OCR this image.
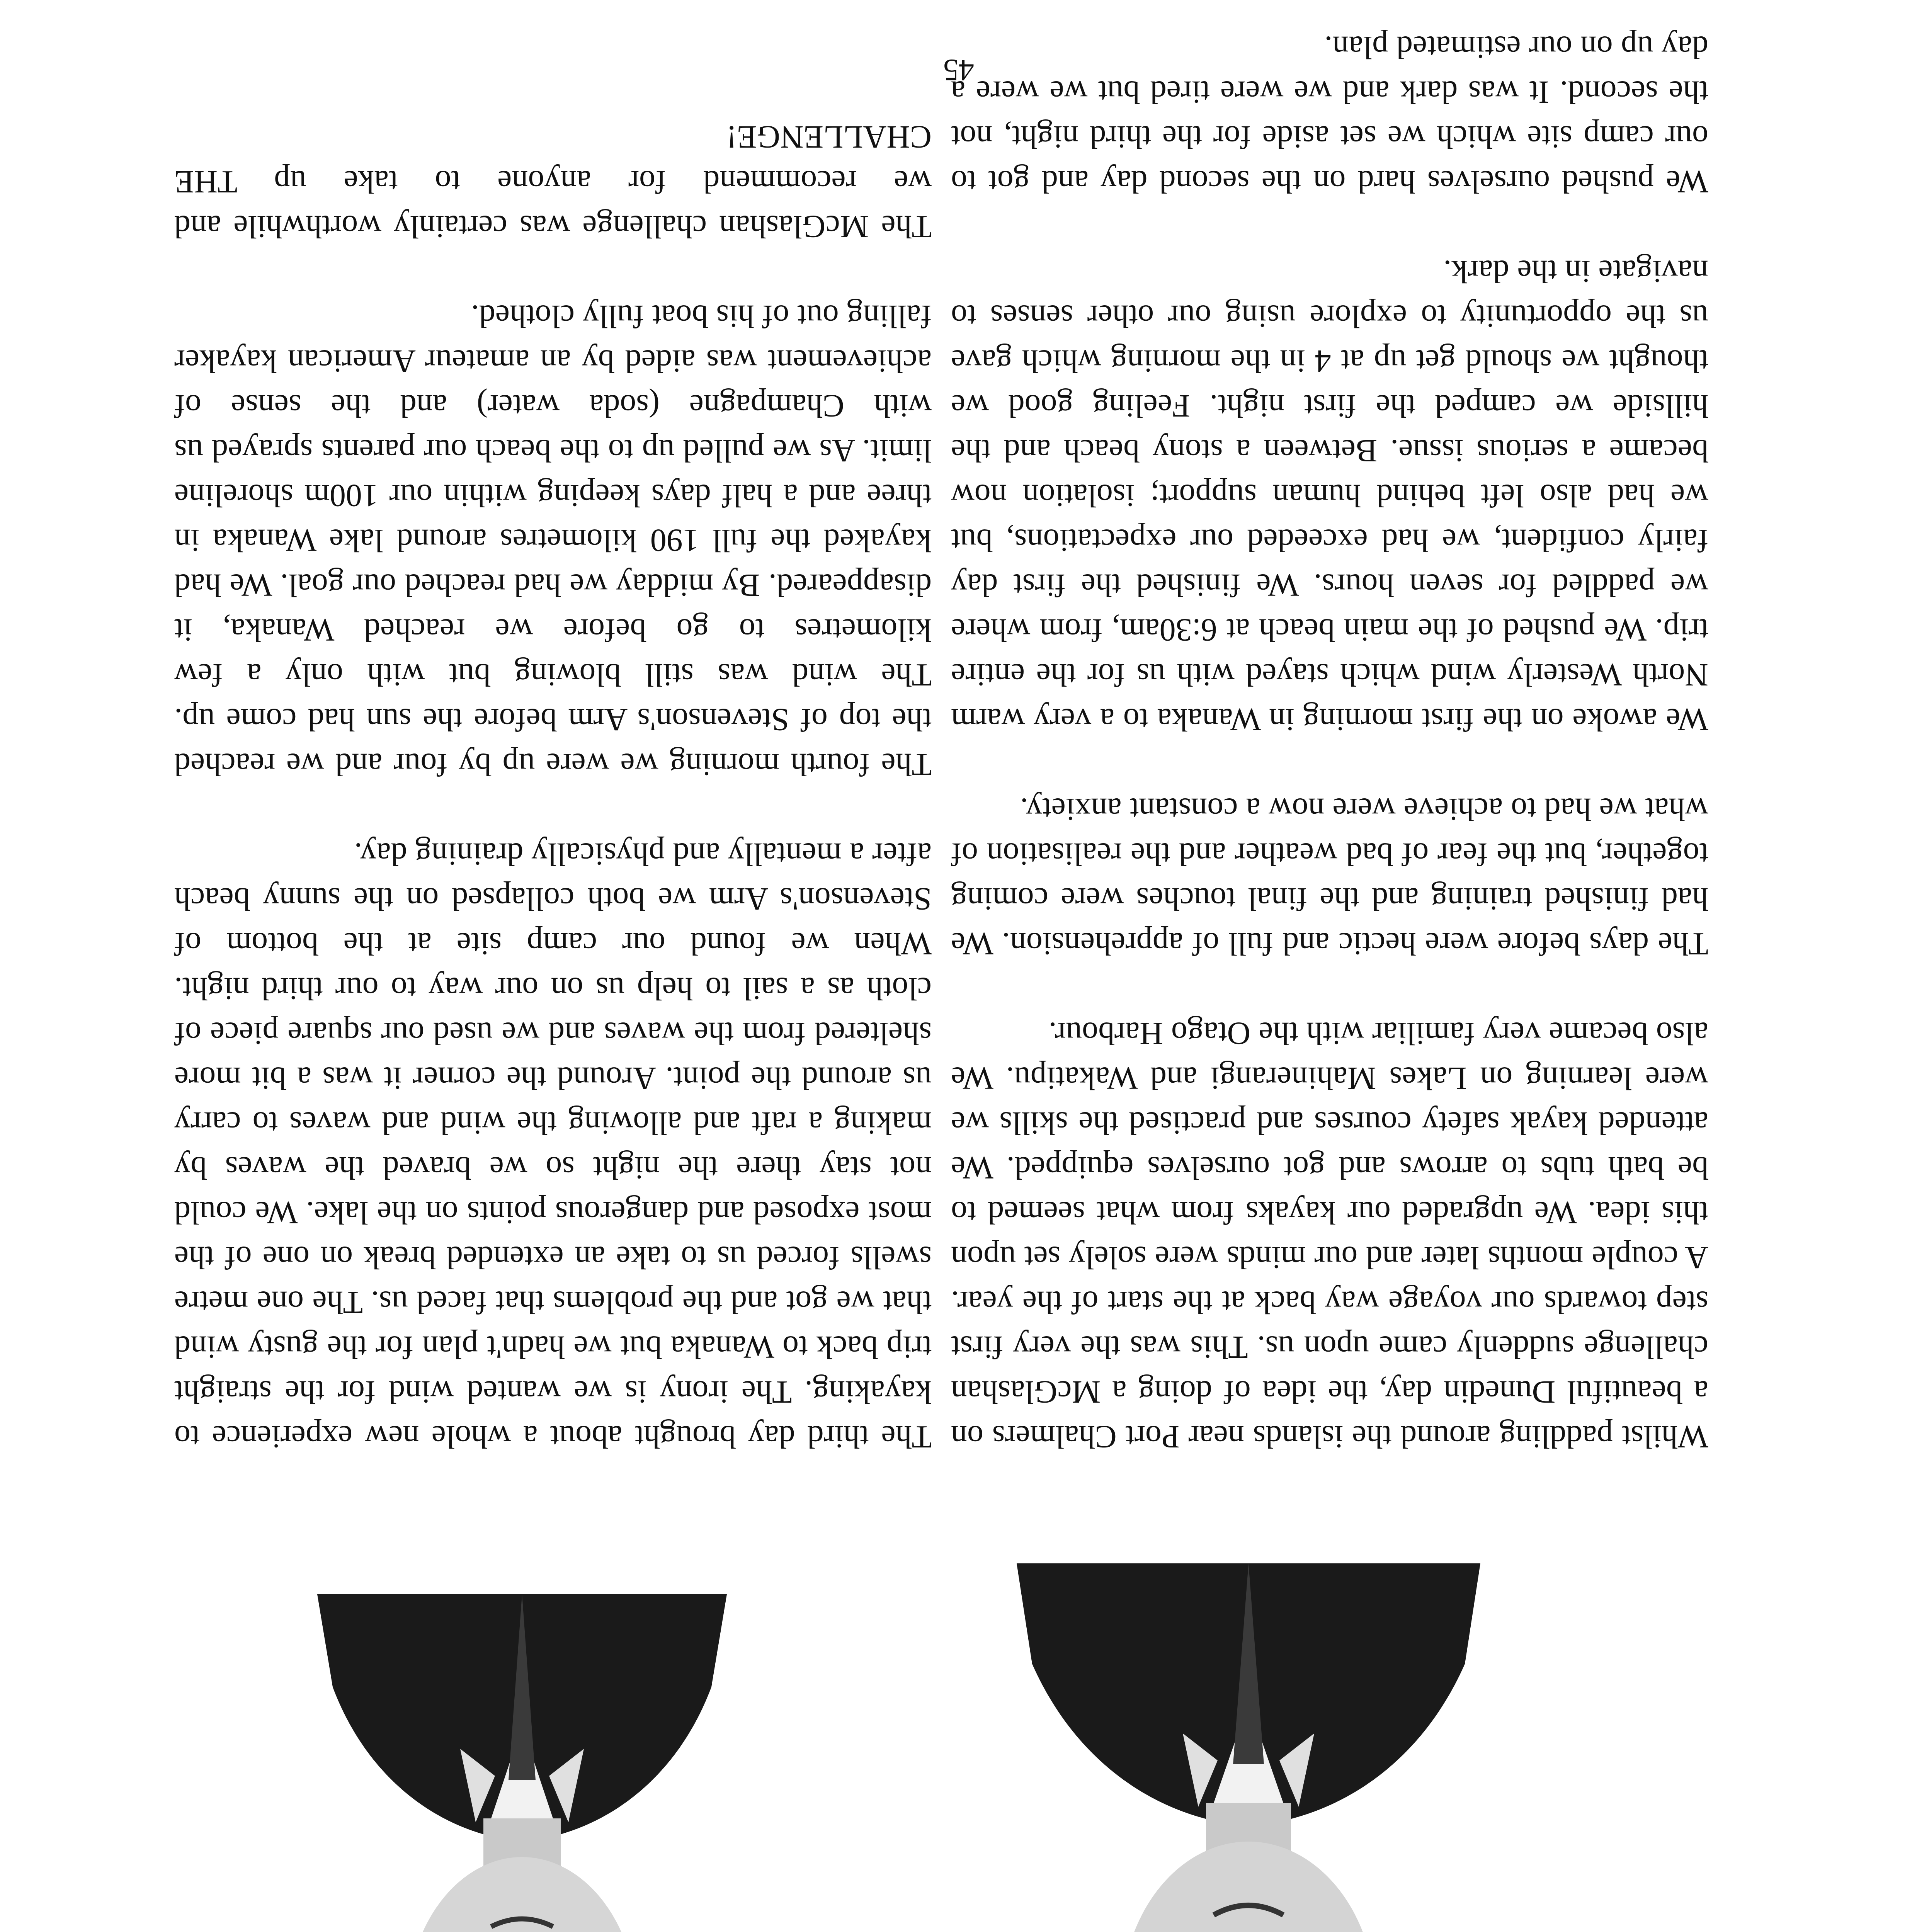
Whilst paddling around the islands near Port Chalmers on a beautiful Dunedin day, the idea of doing a McGlashan challenge suddenly came upon us. This was the very first step towards our voyage way back at the start of the year. A couple months later and our minds were solely set upon this idea. We upgraded our kayaks from what seemed to be bath tubs to arrows and got ourselves equipped. We attended kayak safety courses and practised the skills we were learning on Lakes Mahinerangi and Wakatipu. We also became very familiar with the Otago Harbour.

The days before were hectic and full of apprehension. We had finished training and the final touches were coming together, but the fear of bad weather and the realisation of what we had to achieve were now a constant anxiety.

We awoke on the first morning in Wanaka to a very warm North Westerly wind which stayed with us for the entire trip. We pushed of the main beach at 6:30am, from where we paddled for seven hours. We finished the first day fairly confident, we had exceeded our expectations, but we had also left behind human support; isolation now became a serious issue. Between a stony beach and the hillside we camped the first night. Feeling good we thought we should get up at 4 in the morning which gave us the opportunity to explore using our other senses to navigate in the dark.

We pushed ourselves hard on the second day and got to our camp site which we set aside for the third night, not the second. It was dark and we were tired but we were a day up on our estimated plan.

The third day brought about a whole new experience to kayaking. The irony is we wanted wind for the straight trip back to Wanaka but we hadn't plan for the gusty wind that we got and the problems that faced us. The one metre swells forced us to take an extended break on one of the most exposed and dangerous points on the lake. We could not stay there the night so we braved the waves by making a raft and allowing the wind and waves to carry us around the point. Around the corner it was a bit more sheltered from the waves and we used our square piece of cloth as a sail to help us on our way to our third night. When we found our camp site at the bottom of Stevenson's Arm we both collapsed on the sunny beach after a mentally and physically draining day.

The fourth morning we were up by four and we reached the top of Stevenson's Arm before the sun had come up. The wind was still blowing but with only a few kilometres to go before we reached Wanaka, it disappeared. By midday we had reached our goal. We had kayaked the full 190 kilometres around lake Wanaka in three and a half days keeping within our 100m shoreline limit. As we pulled up to the beach our parents sprayed us with Champagne (soda water) and the sense of achievement was aided by an amateur American kayaker falling out of his boat fully clothed.

The McGlashan challenge was certainly worthwhile and we recommend for anyone to take up THE CHALLENGE!

45
